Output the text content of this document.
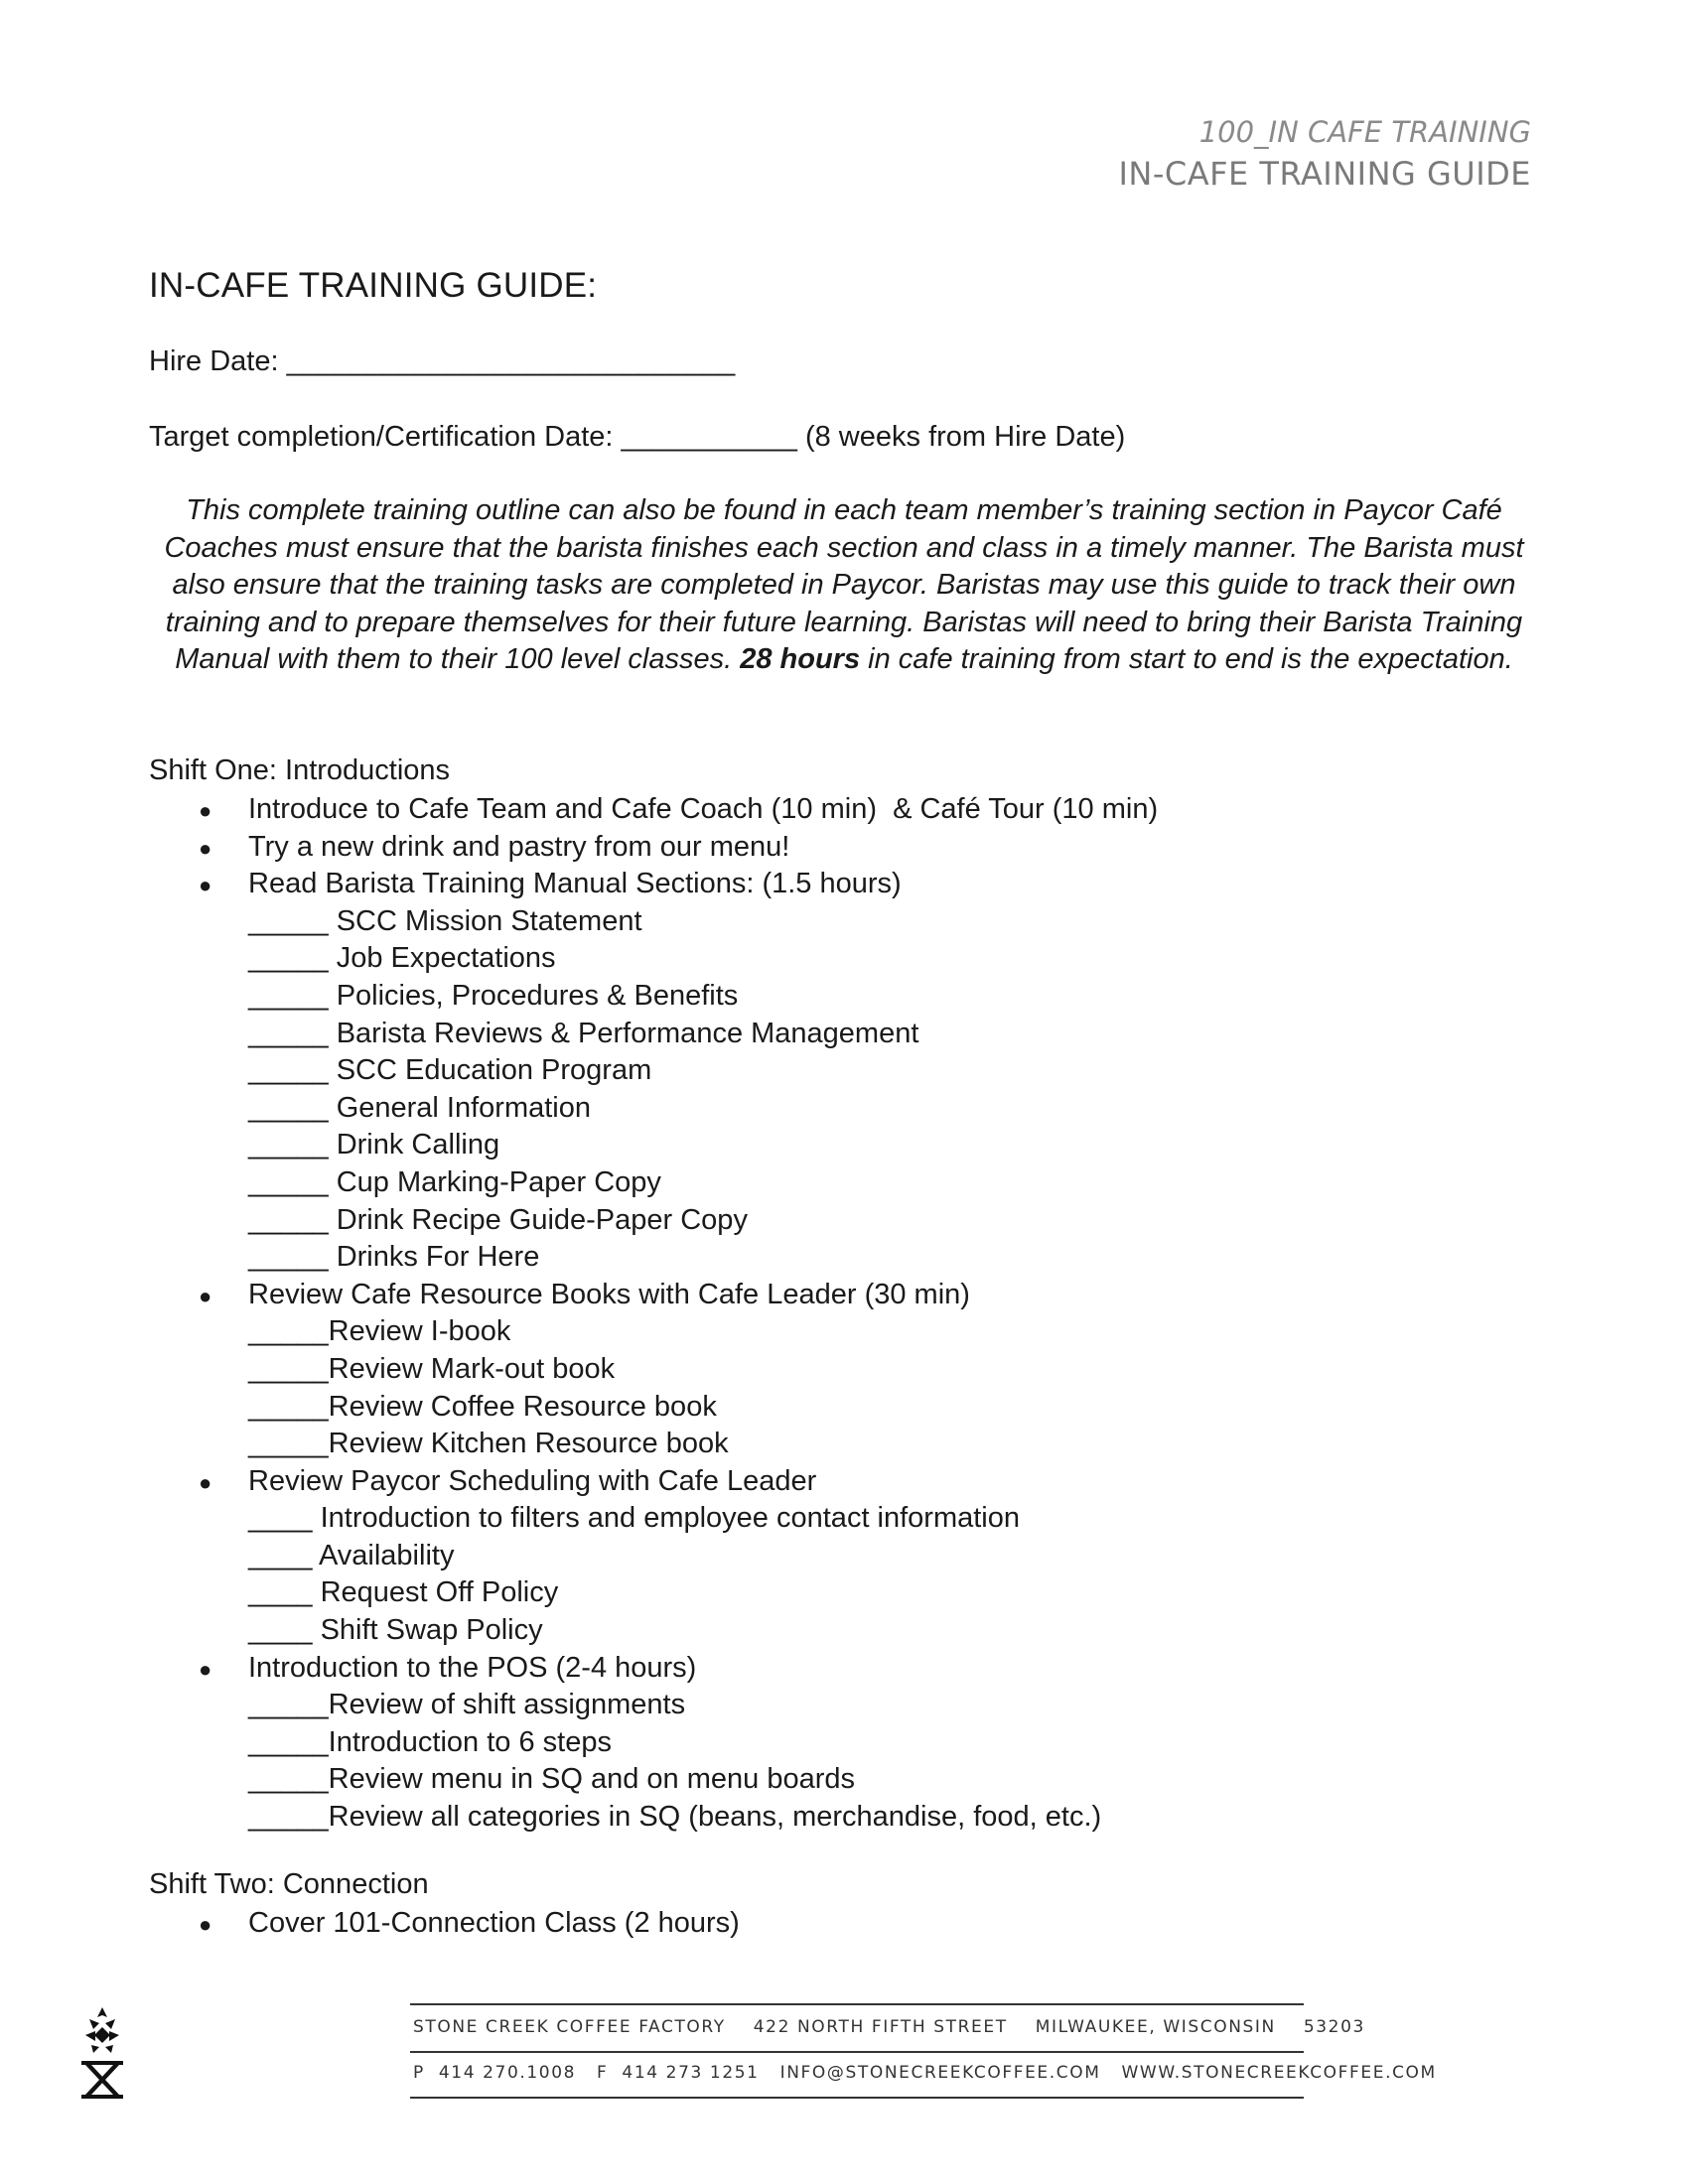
100_IN CAFE TRAINING
IN-CAFE TRAINING GUIDE
IN-CAFE TRAINING GUIDE:
Hire Date: ____________________________
Target completion/Certification Date: ___________ (8 weeks from Hire Date)

This complete training outline can also be found in each team member’s training section in Paycor Café Coaches must ensure that the barista finishes each section and class in a timely manner. The Barista must also ensure that the training tasks are completed in Paycor. Baristas may use this guide to track their own training and to prepare themselves for their future learning. Baristas will need to bring their Barista Training Manual with them to their 100 level classes. 28 hours in cafe training from start to end is the expectation.

Shift One: Introductions
● Introduce to Cafe Team and Cafe Coach (10 min)  & Café Tour (10 min)
● Try a new drink and pastry from our menu!
● Read Barista Training Manual Sections: (1.5 hours)
_____ SCC Mission Statement
_____ Job Expectations
_____ Policies, Procedures & Benefits
_____ Barista Reviews & Performance Management
_____ SCC Education Program
_____ General Information
_____ Drink Calling
_____ Cup Marking-Paper Copy
_____ Drink Recipe Guide-Paper Copy
_____ Drinks For Here
● Review Cafe Resource Books with Cafe Leader (30 min)
_____Review I-book
_____Review Mark-out book
_____Review Coffee Resource book
_____Review Kitchen Resource book
● Review Paycor Scheduling with Cafe Leader
____ Introduction to filters and employee contact information
____ Availability
____ Request Off Policy
____ Shift Swap Policy
● Introduction to the POS (2-4 hours)
_____Review of shift assignments
_____Introduction to 6 steps
_____Review menu in SQ and on menu boards
_____Review all categories in SQ (beans, merchandise, food, etc.)
Shift Two: Connection
● Cover 101-Connection Class (2 hours)
STONE CREEK COFFEE FACTORY    422 NORTH FIFTH STREET    MILWAUKEE, WISCONSIN    53203
P  414 270.1008   F  414 273 1251   INFO@STONECREEKCOFFEE.COM   WWW.STONECREEKCOFFEE.COM
